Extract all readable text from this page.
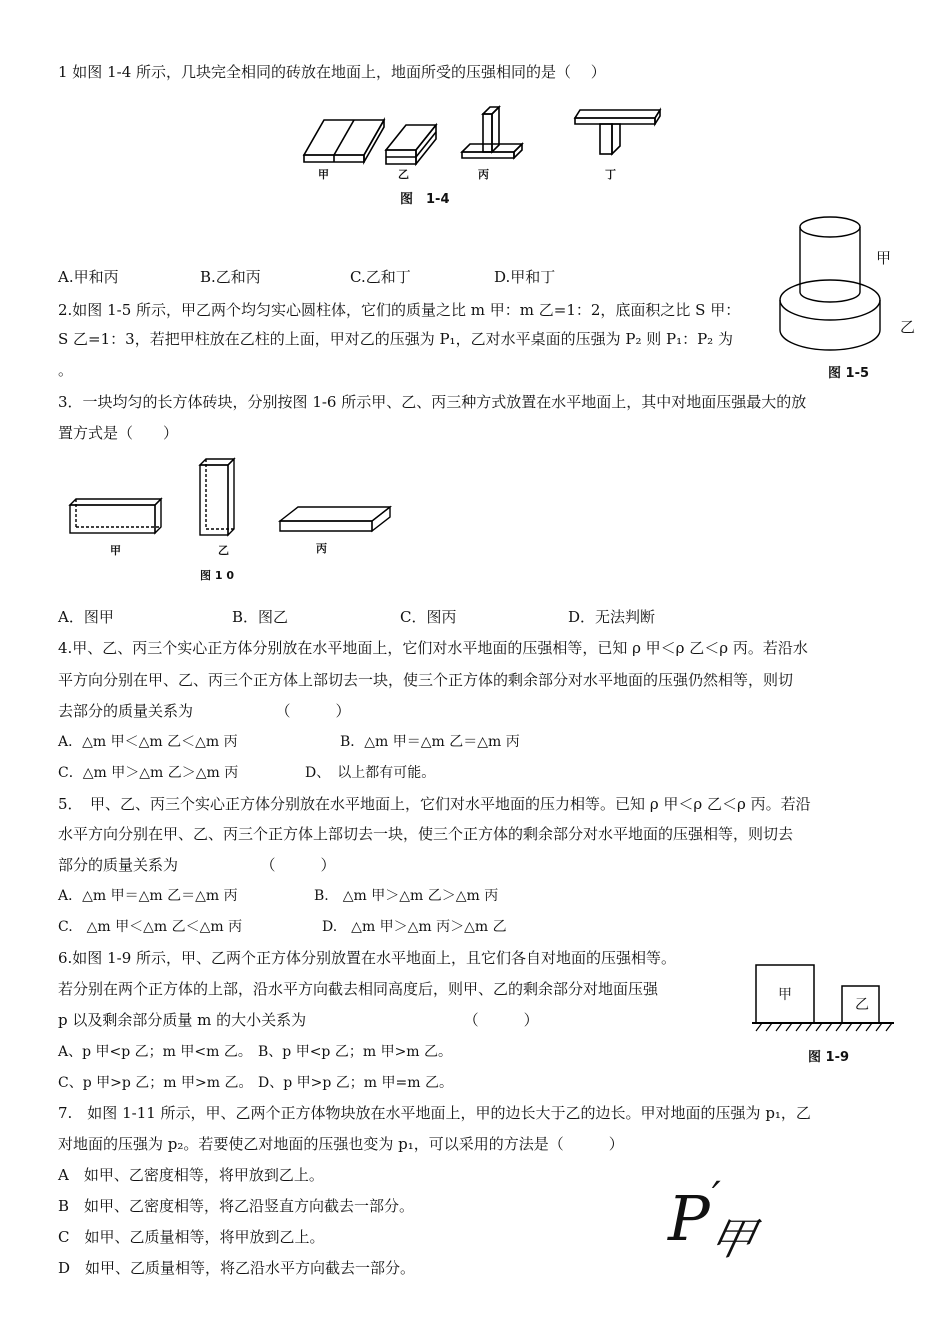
1 如图 1-4 所示，几块完全相同的砖放在地面上，地面所受的压强相同的是（　 ）
甲	乙	丙	丁
图　1-4
A.甲和丙	B.乙和丙	C.乙和丁	D.甲和丁
甲
乙
图 1-5
2.如图 1-5 所示，甲乙两个均匀实心圆柱体，它们的质量之比 m 甲：m 乙=1：2，底面积之比 S 甲：
S 乙=1：3，若把甲柱放在乙柱的上面，甲对乙的压强为 P₁，乙对水平桌面的压强为 P₂ 则 P₁：P₂ 为
。
3．一块均匀的长方体砖块，分别按图 1-6 所示甲、乙、丙三种方式放置在水平地面上，其中对地面压强最大的放
置方式是（　　）
甲	乙	丙
图 1 0
A．图甲	B．图乙	C．图丙	D．无法判断
4.甲、乙、丙三个实心正方体分别放在水平地面上，它们对水平地面的压强相等，已知 ρ 甲＜ρ 乙＜ρ 丙。若沿水
平方向分别在甲、乙、丙三个正方体上部切去一块，使三个正方体的剩余部分对水平地面的压强仍然相等，则切
去部分的质量关系为　　　　　　（　　　）
A．△m 甲＜△m 乙＜△m 丙	B．△m 甲＝△m 乙＝△m 丙
C．△m 甲＞△m 乙＞△m 丙	D、　以上都有可能。
5．　甲、乙、丙三个实心正方体分别放在水平地面上，它们对水平地面的压力相等。已知 ρ 甲＜ρ 乙＜ρ 丙。若沿
水平方向分别在甲、乙、丙三个正方体上部切去一块，使三个正方体的剩余部分对水平地面的压强相等，则切去
部分的质量关系为　　　　　　（　　　）
A．△m 甲＝△m 乙＝△m 丙	B.　△m 甲＞△m 乙＞△m 丙
C.　△m 甲＜△m 乙＜△m 丙	D.　△m 甲＞△m 丙＞△m 乙
6.如图 1-9 所示，甲、乙两个正方体分别放置在水平地面上，且它们各自对地面的压强相等。
若分别在两个正方体的上部，沿水平方向截去相同高度后，则甲、乙的剩余部分对地面压强
p 以及剩余部分质量 m 的大小关系为　　　　　　　　　　　（　　　）
甲
乙
图 1-9
A、p 甲<p 乙；m 甲<m 乙。 B、p 甲<p 乙；m 甲>m 乙。
C、p 甲>p 乙；m 甲>m 乙。 D、p 甲>p 乙；m 甲=m 乙。
7.　如图 1-11 所示，甲、乙两个正方体物块放在水平地面上，甲的边长大于乙的边长。甲对地面的压强为 p₁，乙
对地面的压强为 p₂。若要使乙对地面的压强也变为 p₁，可以采用的方法是（　　　）
A　如甲、乙密度相等，将甲放到乙上。
B　如甲、乙密度相等，将乙沿竖直方向截去一部分。
C　如甲、乙质量相等，将甲放到乙上。
D　如甲、乙质量相等，将乙沿水平方向截去一部分。
P′甲
